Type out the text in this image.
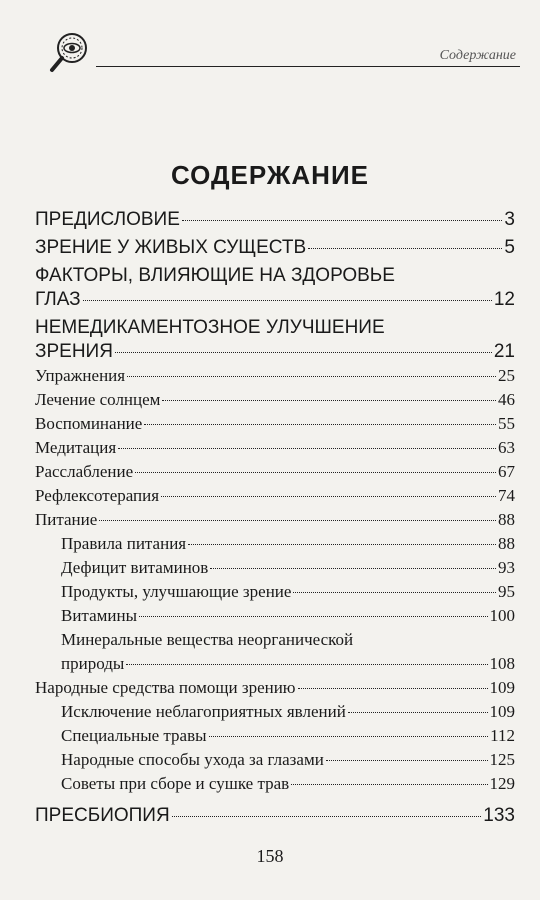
Содержание
СОДЕРЖАНИЕ
ПРЕДИСЛОВИЕ	3
ЗРЕНИЕ У ЖИВЫХ СУЩЕСТВ	5
ФАКТОРЫ, ВЛИЯЮЩИЕ НА ЗДОРОВЬЕ
ГЛАЗ	12
НЕМЕДИКАМЕНТОЗНОЕ УЛУЧШЕНИЕ
ЗРЕНИЯ	21
Упражнения	25
Лечение солнцем	46
Воспоминание	55
Медитация	63
Расслабление	67
Рефлексотерапия	74
Питание	88
Правила питания	88
Дефицит витаминов	93
Продукты, улучшающие зрение	95
Витамины	100
Минеральные вещества неорганической
природы	108
Народные средства помощи зрению	109
Исключение неблагоприятных явлений	109
Специальные травы	112
Народные способы ухода за глазами	125
Советы при сборе и сушке трав	129
ПРЕСБИОПИЯ	133
158
